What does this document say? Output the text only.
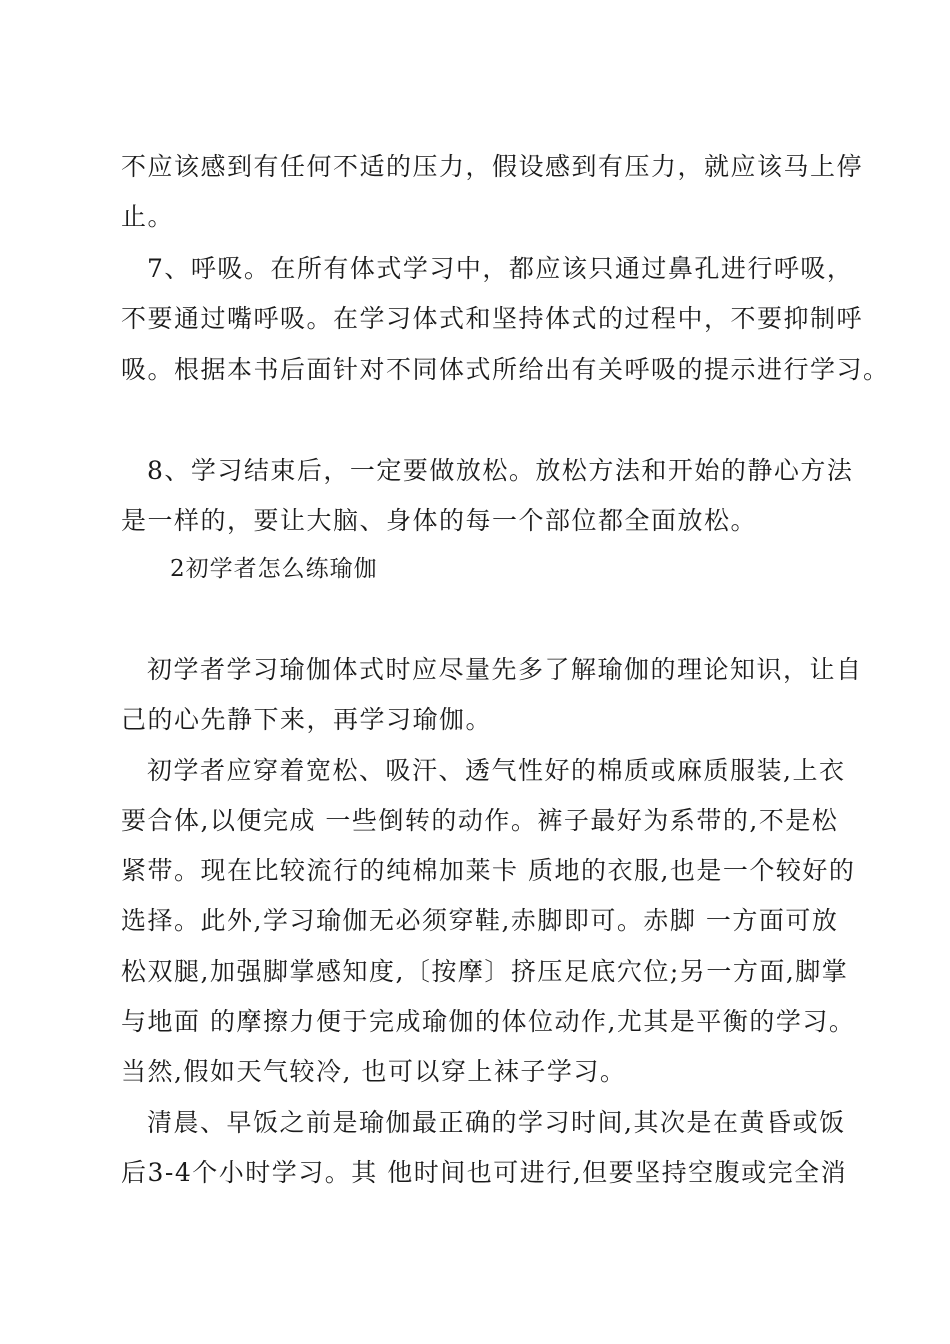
不应该感到有任何不适的压力，假设感到有压力，就应该马上停
止。
7、呼吸。在所有体式学习中，都应该只通过鼻孔进行呼吸，
不要通过嘴呼吸。在学习体式和坚持体式的过程中，不要抑制呼
吸。根据本书后面针对不同体式所给出有关呼吸的提示进行学习。
8、学习结束后，一定要做放松。放松方法和开始的静心方法
是一样的，要让大脑、身体的每一个部位都全面放松。
2初学者怎么练瑜伽
初学者学习瑜伽体式时应尽量先多了解瑜伽的理论知识，让自
己的心先静下来，再学习瑜伽。
初学者应穿着宽松、吸汗、透气性好的棉质或麻质服装,上衣
要合体,以便完成 一些倒转的动作。裤子最好为系带的,不是松
紧带。现在比较流行的纯棉加莱卡 质地的衣服,也是一个较好的
选择。此外,学习瑜伽无必须穿鞋,赤脚即可。赤脚 一方面可放
松双腿,加强脚掌感知度,〔按摩〕挤压足底穴位;另一方面,脚掌
与地面 的摩擦力便于完成瑜伽的体位动作,尤其是平衡的学习。
当然,假如天气较冷, 也可以穿上袜子学习。
清晨、早饭之前是瑜伽最正确的学习时间,其次是在黄昏或饭
后3-4个小时学习。其 他时间也可进行,但要坚持空腹或完全消
